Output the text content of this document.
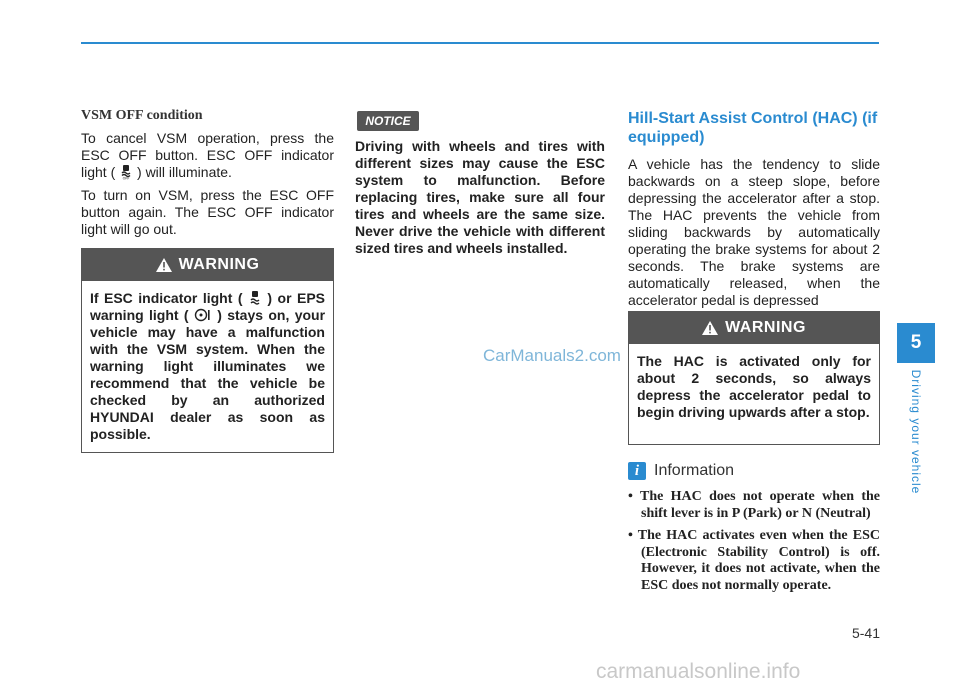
VSM OFF condition

To cancel VSM operation, press the ESC OFF button. ESC OFF indicator light ( OFF ) will illuminate.

To turn on VSM, press the ESC OFF button again. The ESC OFF indicator light will go out.

WARNING
If ESC indicator light ( ) or EPS warning light ( ) stays on, your vehicle may have a malfunction with the VSM system. When the warning light illuminates we recommend that the vehicle be checked by an authorized HYUNDAI dealer as soon as possible.
NOTICE
Driving with wheels and tires with different sizes may cause the ESC system to malfunction. Before replacing tires, make sure all four tires and wheels are the same size. Never drive the vehicle with different sized tires and wheels installed.
CarManuals2.com

Hill-Start Assist Control (HAC) (if equipped)

A vehicle has the tendency to slide backwards on a steep slope, before depressing the accelerator after a stop. The HAC prevents the vehicle from sliding backwards by automatically operating the brake systems for about 2 seconds. The brake systems are automatically released, when the accelerator pedal is depressed

WARNING
The HAC is activated only for about 2 seconds, so always depress the accelerator pedal to begin driving upwards after a stop.
i Information
• The HAC does not operate when the shift lever is in P (Park) or N (Neutral)
• The HAC activates even when the ESC (Electronic Stability Control) is off. However, it does not activate, when the ESC does not normally operate.
5
Driving your vehicle
5-41
carmanualsonline.info
